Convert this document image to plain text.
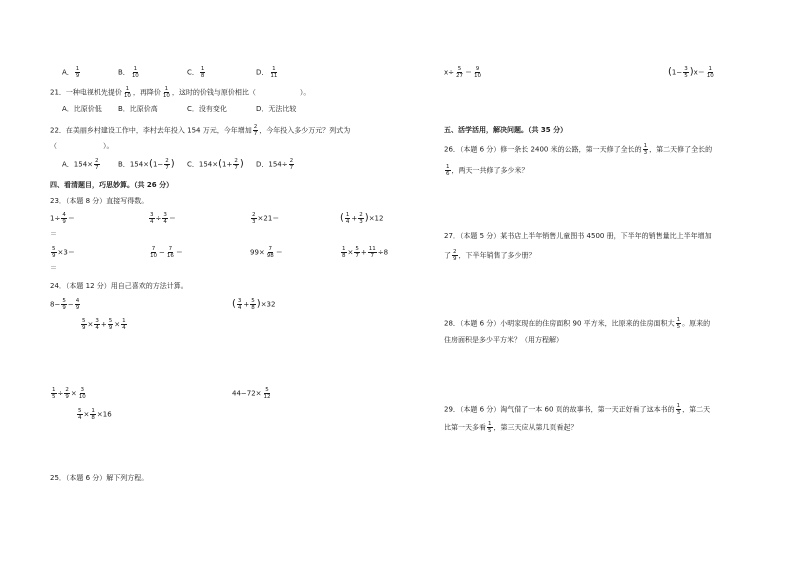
A． $\frac{1}{9}$	B． $\frac{1}{10}$	C． $\frac{1}{8}$	D． $\frac{1}{11}$
21．一种电视机先提价 $\frac{1}{10}$ ，再降价 $\frac{1}{10}$ ，这时的价钱与原价相比（	）。
A．比原价低 B．比原价高	C．没有变化	D．无法比较
22．在美丽乡村建设工作中，李村去年投入 154 万元，今年增加 $\frac{2}{7}$ ，今年投入多少万元？列式为
（	）。
A．$154\times \frac{2}{7}$	B．$154\times(1- \frac{2}{7}$ ) C．$154\times(1+ \frac{2}{7}$ ) D．$154\div \frac{2}{7}$
四、看清题目，巧思妙算。（共 26 分）
23．（本题 8 分）直接写得数。
$1\div \frac{4}{9}$ ＝	$\frac{3}{4} \div \frac{3}{4}$ ＝	$\frac{2}{3} \times 21=$	( $\frac{1}{4} + \frac{2}{3} )\times 12$
＝
$\frac{5}{9} \times 3=$	$\frac{7}{10} - \frac{7}{16}$ ＝	$99\times \frac{7}{98}$ ＝	$\frac{1}{8} \times \frac{5}{7} + \frac{11}{7} \div 8$
＝
24．（本题 12 分）用自己喜欢的方法计算。
$8- \frac{5}{9} - \frac{4}{9}$	( $\frac{3}{4} + \frac{5}{8} )\times 32$
$\frac{5}{9} \times \frac{3}{4} + \frac{5}{9} \times \frac{1}{4}$
$\frac{1}{5} \div \frac{2}{9} \times \frac{3}{10}$	$44-72\times \frac{5}{12}$
$\frac{5}{4} \times \frac{1}{8} \times 16$
25．（本题 6 分）解下列方程。
$x\div \frac{5}{27} = \frac{9}{10}$	$(1- \frac{3}{5} )x= \frac{1}{10}$
五、活学活用，解决问题。（共 35 分）
26．（本题 6 分）修一条长 2400 米的公路，第一天修了全长的 $\frac{1}{3}$ ，第二天修了全长的
$\frac{1}{6}$ ，两天一共修了多少米？
27．（本题 5 分）某书店上半年销售儿童图书 4500 册，下半年的销售量比上半年增加
了 $\frac{2}{9}$ ，下半年销售了多少册？
28．（本题 6 分）小明家现在的住房面积 90 平方米，比原来的住房面积大 $\frac{1}{5}$ 。原来的
住房面积是多少平方米？（用方程解）
29．（本题 6 分）淘气借了一本 60 页的故事书，第一天正好看了这本书的 $\frac{1}{3}$ ，第二天
比第一天多看 $\frac{1}{5}$ ，第三天应从第几页看起？
